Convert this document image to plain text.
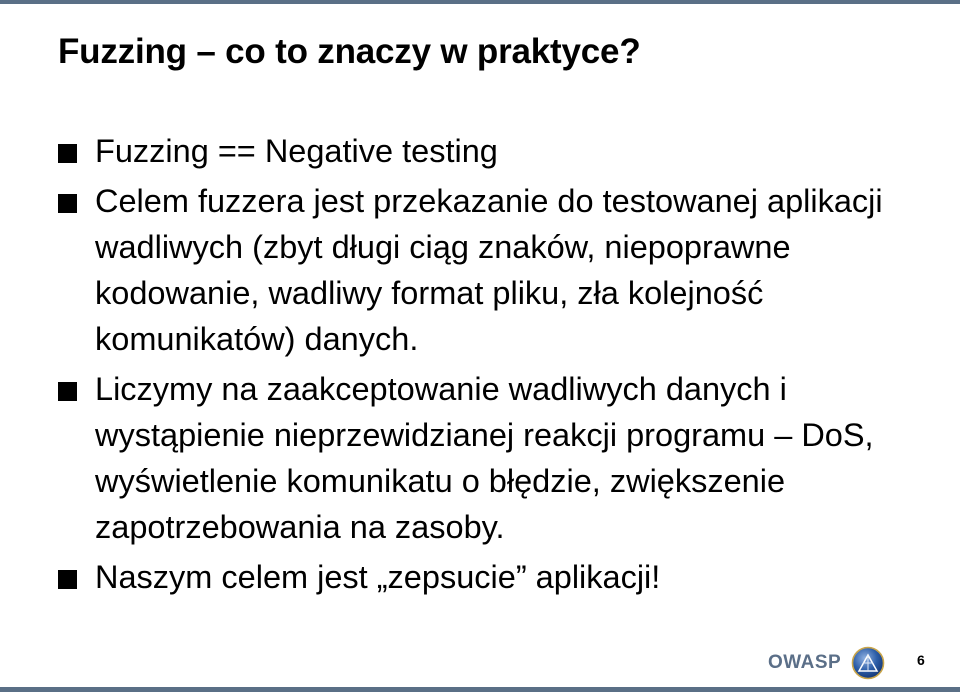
Fuzzing – co to znaczy w praktyce?
Fuzzing == Negative testing
Celem fuzzera jest przekazanie do testowanej aplikacji wadliwych (zbyt długi ciąg znaków, niepoprawne kodowanie, wadliwy format pliku, zła kolejność komunikatów) danych.
Liczymy na zaakceptowanie wadliwych danych i wystąpienie nieprzewidzianej reakcji programu – DoS, wyświetlenie komunikatu o błędzie, zwiększenie zapotrzebowania na zasoby.
Naszym celem jest „zepsucie” aplikacji!
OWASP	6
